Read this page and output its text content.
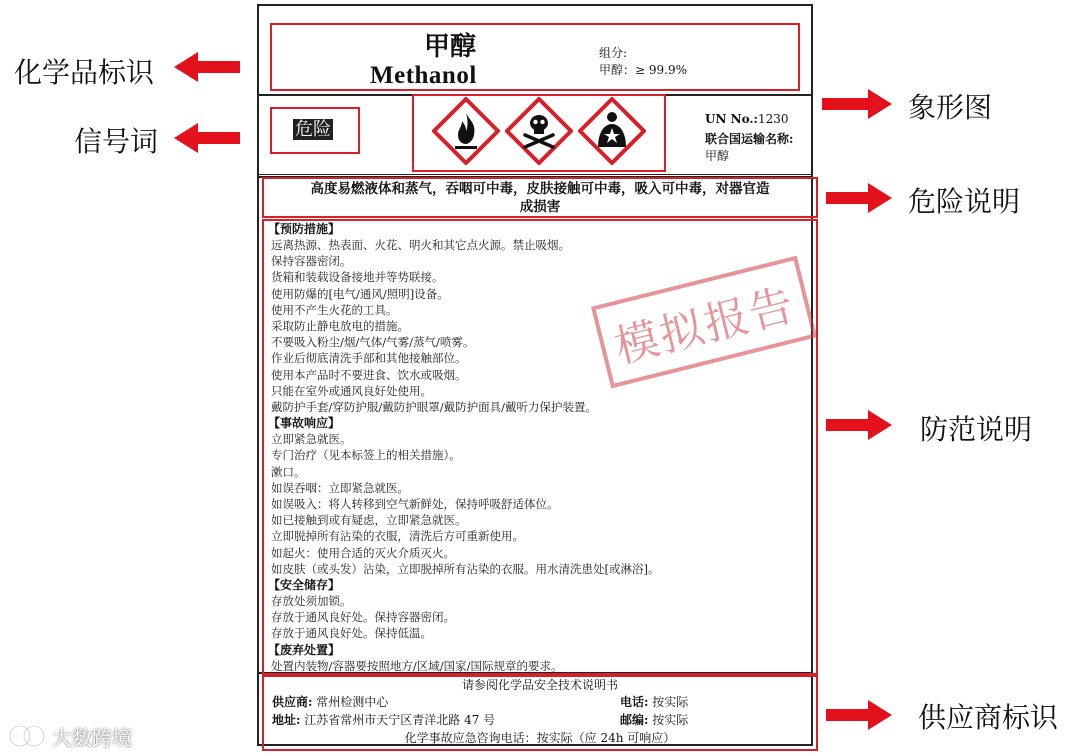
化学品标识
信号词
象形图
危险说明
防范说明
供应商标识
甲醇
Methanol
组分:
甲醇：≥ 99.9%
危险	UN No.:1230
联合国运输名称:
甲醇
高度易燃液体和蒸气，吞咽可中毒，皮肤接触可中毒，吸入可中毒，对器官造
成损害
【预防措施】
远离热源、热表面、火花、明火和其它点火源。禁止吸烟。
保持容器密闭。
货箱和装载设备接地并等势联接。
使用防爆的[电气/通风/照明]设备。
使用不产生火花的工具。
采取防止静电放电的措施。
不要吸入粉尘/烟/气体/气雾/蒸气/喷雾。
作业后彻底清洗手部和其他接触部位。
使用本产品时不要进食、饮水或吸烟。
只能在室外或通风良好处使用。
戴防护手套/穿防护服/戴防护眼罩/戴防护面具/戴听力保护装置。
【事故响应】
立即紧急就医。
专门治疗（见本标签上的相关措施）。
漱口。
如误吞咽：立即紧急就医。
如误吸入：将人转移到空气新鲜处，保持呼吸舒适体位。
如已接触到或有疑虑，立即紧急就医。
立即脱掉所有沾染的衣服，清洗后方可重新使用。
如起火：使用合适的灭火介质灭火。
如皮肤（或头发）沾染，立即脱掉所有沾染的衣服。用水清洗患处[或淋浴]。
【安全储存】
存放处须加锁。
存放于通风良好处。保持容器密闭。
存放于通风良好处。保持低温。
【废弃处置】
处置内装物/容器要按照地方/区域/国家/国际规章的要求。
模拟报告
请参阅化学品安全技术说明书
供应商: 常州检测中心	电话: 按实际
地址: 江苏省常州市天宁区青洋北路 47 号	邮编: 按实际
化学事故应急咨询电话：按实际（应 24h 可响应）
大数跨境
